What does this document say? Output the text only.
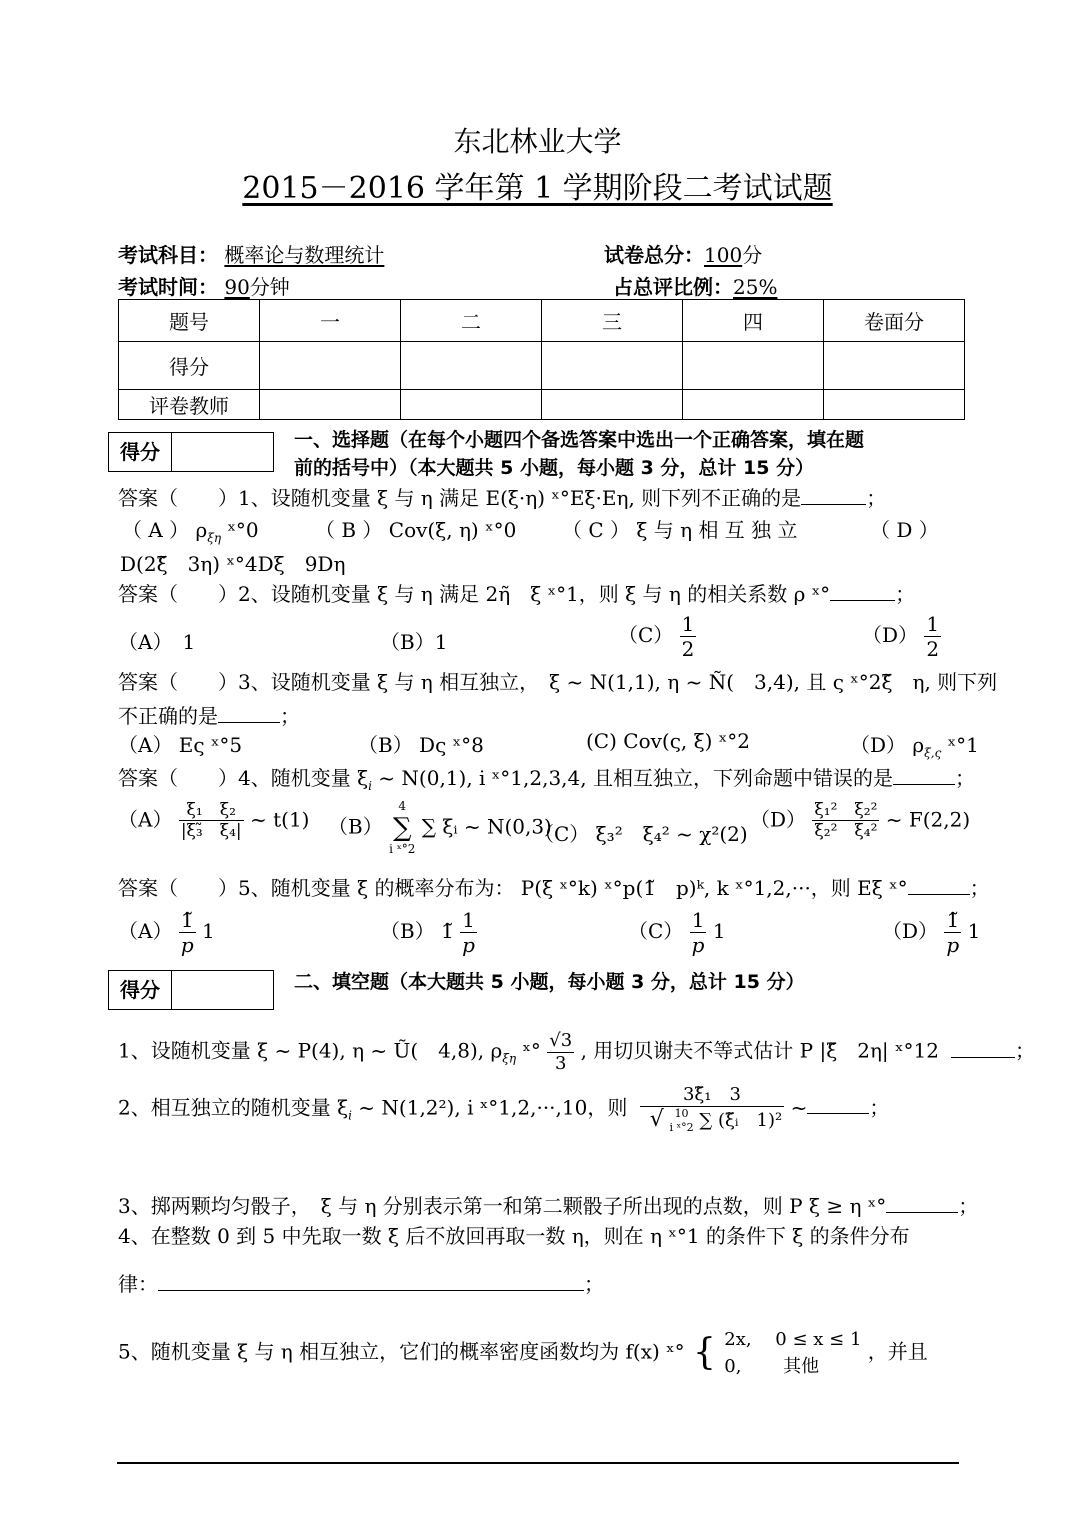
东北林业大学
2015－2016 学年第 1 学期阶段二考试试题
考试科目： 概率论与数理统计	试卷总分：100分
考试时间： 90分钟	占总评比例：25%
题号	一	二	三	四	卷面分
得分					
评卷教师					
得分	一、选择题（在每个小题四个备选答案中选出一个正确答案，填在题
前的括号中）（本大题共 5 小题，每小题 3 分，总计 15 分）
答案（　　）1、设随机变量 ξ 与 η 满足 E(ξ·η) ˣ°Eξ·Eη, 则下列不正确的是	；
（ A ） $\rho_{\xi\eta}$ ˣ°0	（ B ） Cov(ξ, η) ˣ°0 （ C ） ξ 与 η 相 互 独 立	（ D ）
D(2ξ̃　3η) ˣ°4Dξ　9Dη
答案（　　）2、设随机变量 ξ 与 η 满足 2η̃　ξ ˣ°1，则 ξ 与 η 的相关系数 ρ ˣ°	；
（A）　1	（B）1	$(C) \frac{1}{2}$	$(D) \frac{1}{2}$
答案（　　）3、设随机变量 ξ 与 η 相互独立，　ξ ~ N(1,1), η ~ Ñ(　3,4), 且 ς ˣ°2ξ̃　η, 则下列
不正确的是	；
（A） Eς ˣ°5	（B） Dς ˣ°8	(C) Cov(ς, ξ) ˣ°2	（D） $\rho_{\xi,\varsigma}$ ˣ°1
答案（　　）4、随机变量 $\xi_i$ ~ N(0,1), i ˣ°1,2,3,4, 且相互独立，下列命题中错误的是	；
$(A) \frac{\text{ξ₁　ξ₂}}{\text{|ξ₃̃　ξ₄|}}$ ~ t(1) （B）
4
∑
i ˣ°2
∑ ξᵢ ~ N(0,3)
（C） ξ₃²　ξ₄² ~ χ²(2)
$(D) \frac{\text{ξ₁²　ξ₂²}}{\text{ξ₂²　ξ₄²}}$ ~ F(2,2)
答案（　　）5、随机变量 ξ 的概率分布为： P(ξ ˣ°k) ˣ°p(1̃　p)ᵏ, k ˣ°1,2,···，则 Eξ ˣ°	；
$(A) \frac{1̃}{p} 1$	（B） 1̃ $\frac{1}{p}$	$(C) \frac{1}{p} 1$	$(D) \frac{1̃}{p} 1$
得分	二、填空题（本大题共 5 小题，每小题 3 分，总计 15 分）
1、设随机变量 ξ ~ P(4), η ~ Ũ(　4,8), $\rho_{\xi\eta}$ ˣ° $\frac{√3}{3}$ , 用切贝谢夫不等式估计 P |ξ̃　2η| ˣ°12	；
2、相互独立的随机变量 $\xi_i$ ~ N(1,2²), i ˣ°1,2,···,10，则 3ξ̃₁　3
√ 10
i ˣ°2 ∑ (ξ̃ᵢ　1)² ~	；
3、掷两颗均匀骰子，　ξ 与 η 分别表示第一和第二颗骰子所出现的点数，则 P ξ ≥ η ˣ°	；
4、在整数 0 到 5 中先取一数 ξ 后不放回再取一数 η，则在 η ˣ°1 的条件下 ξ 的条件分布
律：	；
5、随机变量 ξ 与 η 相互独立，它们的概率密度函数均为 f(x) ˣ° { 2x,　 0 ≤ x ≤ 1
0,　　 其他
，并且
